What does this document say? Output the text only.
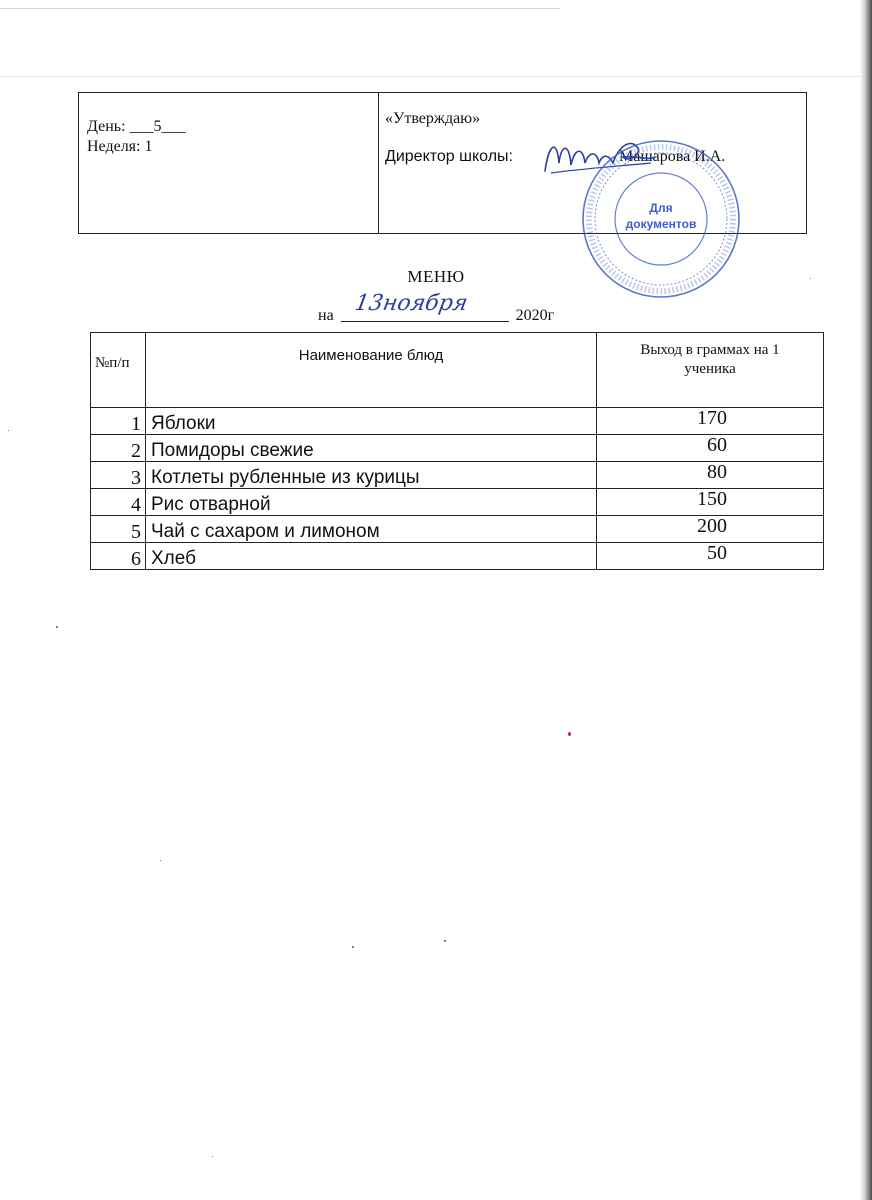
День: ___5___
Неделя: 1
«Утверждаю»
Директор школы:	Машарова И.А.
Для
документов
МЕНЮ
на 13ноября	2020г
№п/п	Наименование блюд	Выход в граммах на 1
ученика

1	Яблоки	170
2	Помидоры свежие	60
3	Котлеты рубленные из курицы	80
4	Рис отварной	150
5	Чай с сахаром и лимоном	200
6	Хлеб	50
